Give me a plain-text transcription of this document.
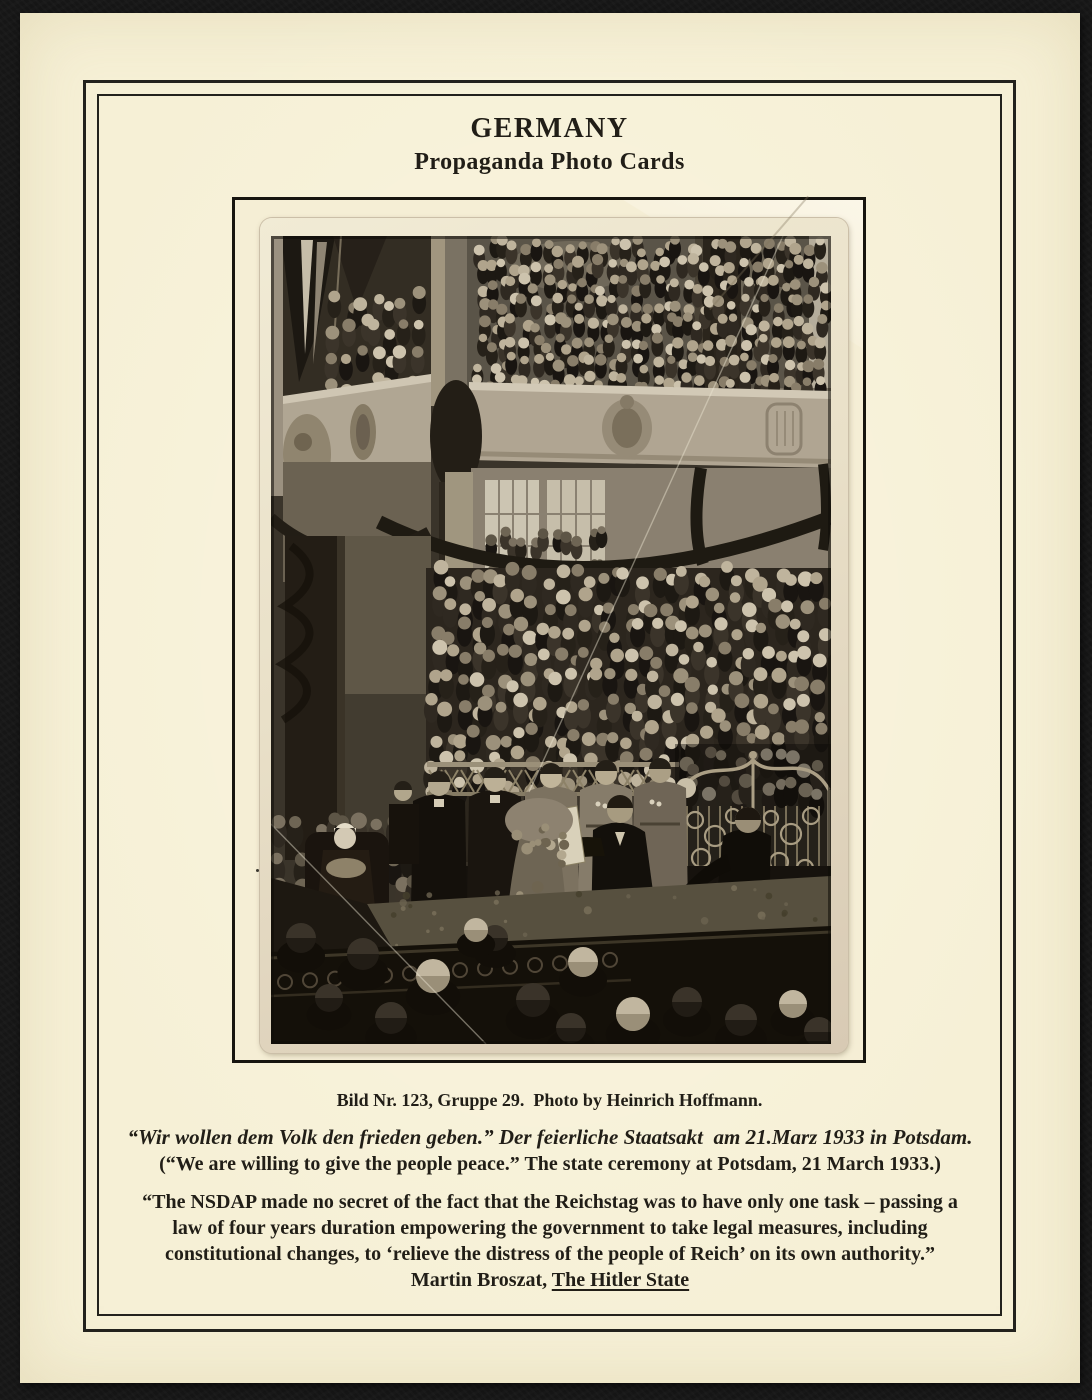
GERMANY
Propaganda Photo Cards
Bild Nr. 123, Gruppe 29.  Photo by Heinrich Hoffmann.
“Wir wollen dem Volk den frieden geben.” Der feierliche Staatsakt  am 21.Marz 1933 in Potsdam.
(“We are willing to give the people peace.” The state ceremony at Potsdam, 21 March 1933.)
“The NSDAP made no secret of the fact that the Reichstag was to have only one task – passing a
law of four years duration empowering the government to take legal measures, including
constitutional changes, to ‘relieve the distress of the people of Reich’ on its own authority.”
Martin Broszat, The Hitler State
